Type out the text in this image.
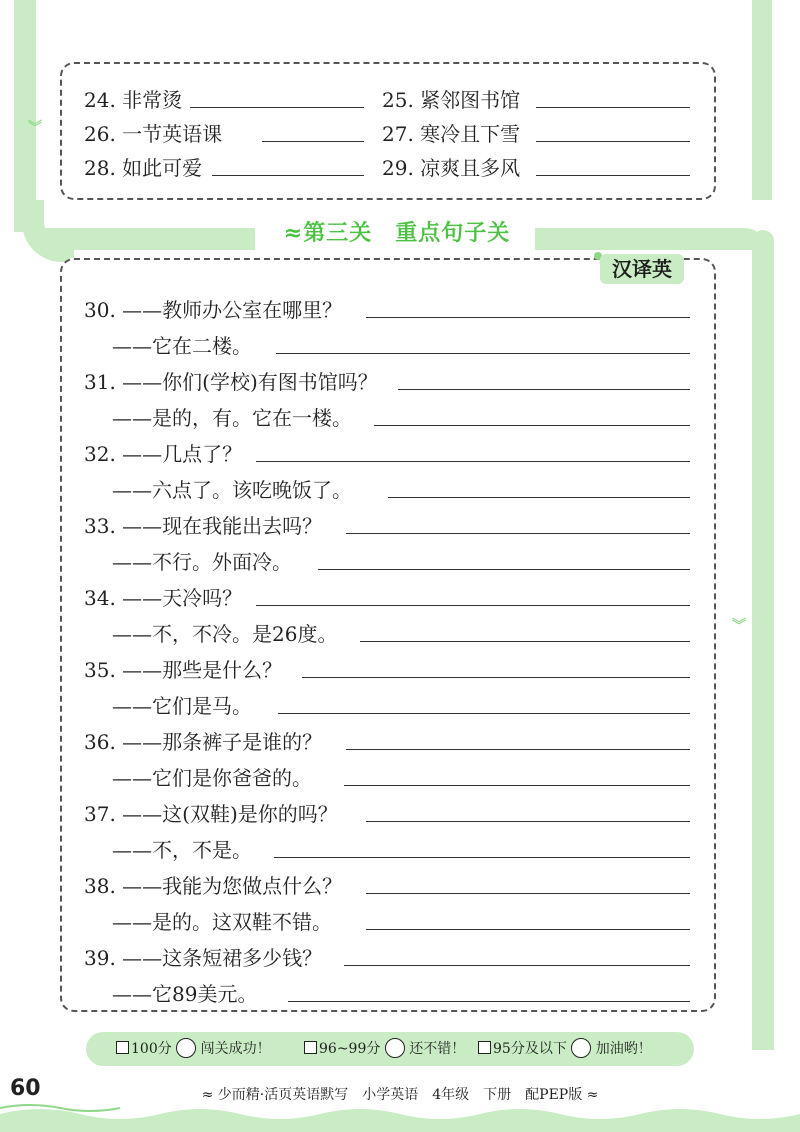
︾
︾
24. 非常烫	25. 紧邻图书馆
26. 一节英语课	27. 寒冷且下雪
28. 如此可爱	29. 凉爽且多风
≈第三关　重点句子关
汉译英
30. ——教师办公室在哪里？
——它在二楼。
31. ——你们(学校)有图书馆吗？
——是的，有。它在一楼。
32. ——几点了？
——六点了。该吃晚饭了。
33. ——现在我能出去吗？
——不行。外面冷。
34. ——天冷吗？
——不，不冷。是26度。
35. ——那些是什么？
——它们是马。
36. ——那条裤子是谁的？
——它们是你爸爸的。
37. ——这(双鞋)是你的吗？
——不，不是。
38. ——我能为您做点什么？
——是的。这双鞋不错。
39. ——这条短裙多少钱？
——它89美元。
100分 闯关成功！	96~99分 还不错！	95分及以下 加油哟！
60	≈ 少而精·活页英语默写　小学英语　4年级　下册　配PEP版 ≈
